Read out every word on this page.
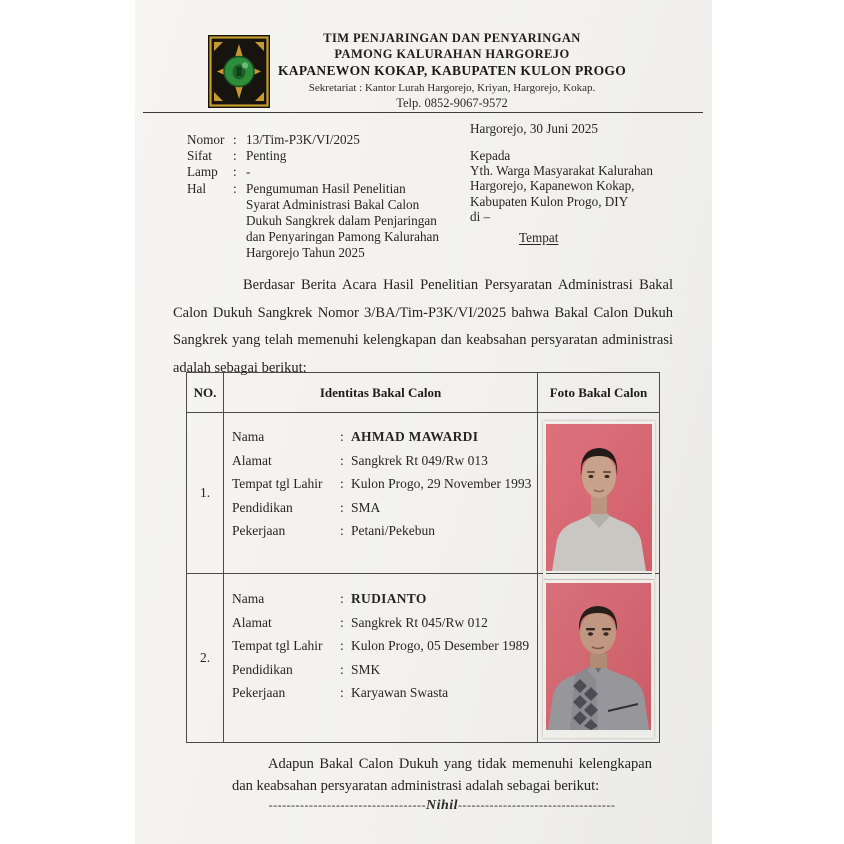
TIM PENJARINGAN DAN PENYARINGAN
PAMONG KALURAHAN HARGOREJO
KAPANEWON KOKAP, KABUPATEN KULON PROGO
Sekretariat : Kantor Lurah Hargorejo, Kriyan, Hargorejo, Kokap.
Telp. 0852-9067-9572
Nomor : 13/Tim-P3K/VI/2025
Sifat	: Penting
Lamp	: -
Hal	: Pengumuman Hasil Penelitian
Syarat Administrasi Bakal Calon
Dukuh Sangkrek dalam Penjaringan
dan Penyaringan Pamong Kalurahan
Hargorejo Tahun 2025
Hargorejo, 30 Juni 2025
Kepada
Yth. Warga Masyarakat Kalurahan
Hargorejo, Kapanewon Kokap,
Kabupaten Kulon Progo, DIY
di –
Tempat
Berdasar Berita Acara Hasil Penelitian Persyaratan Administrasi Bakal Calon Dukuh Sangkrek Nomor 3/BA/Tim-P3K/VI/2025 bahwa Bakal Calon Dukuh Sangkrek yang telah memenuhi kelengkapan dan keabsahan persyaratan administrasi adalah sebagai berikut:
NO.	Identitas Bakal Calon	Foto Bakal Calon
1.
Nama	: AHMAD MAWARDI
Alamat	: Sangkrek Rt 049/Rw 013
Tempat tgl Lahir	: Kulon Progo, 29 November 1993
Pendidikan	: SMA
Pekerjaan	: Petani/Pekebun
2.
Nama	: RUDIANTO
Alamat	: Sangkrek Rt 045/Rw 012
Tempat tgl Lahir	: Kulon Progo, 05 Desember 1989
Pendidikan	: SMK
Pekerjaan	: Karyawan Swasta
Adapun Bakal Calon Dukuh yang tidak memenuhi kelengkapan dan keabsahan persyaratan administrasi adalah sebagai berikut:
-----------------------------------Nihil-----------------------------------
